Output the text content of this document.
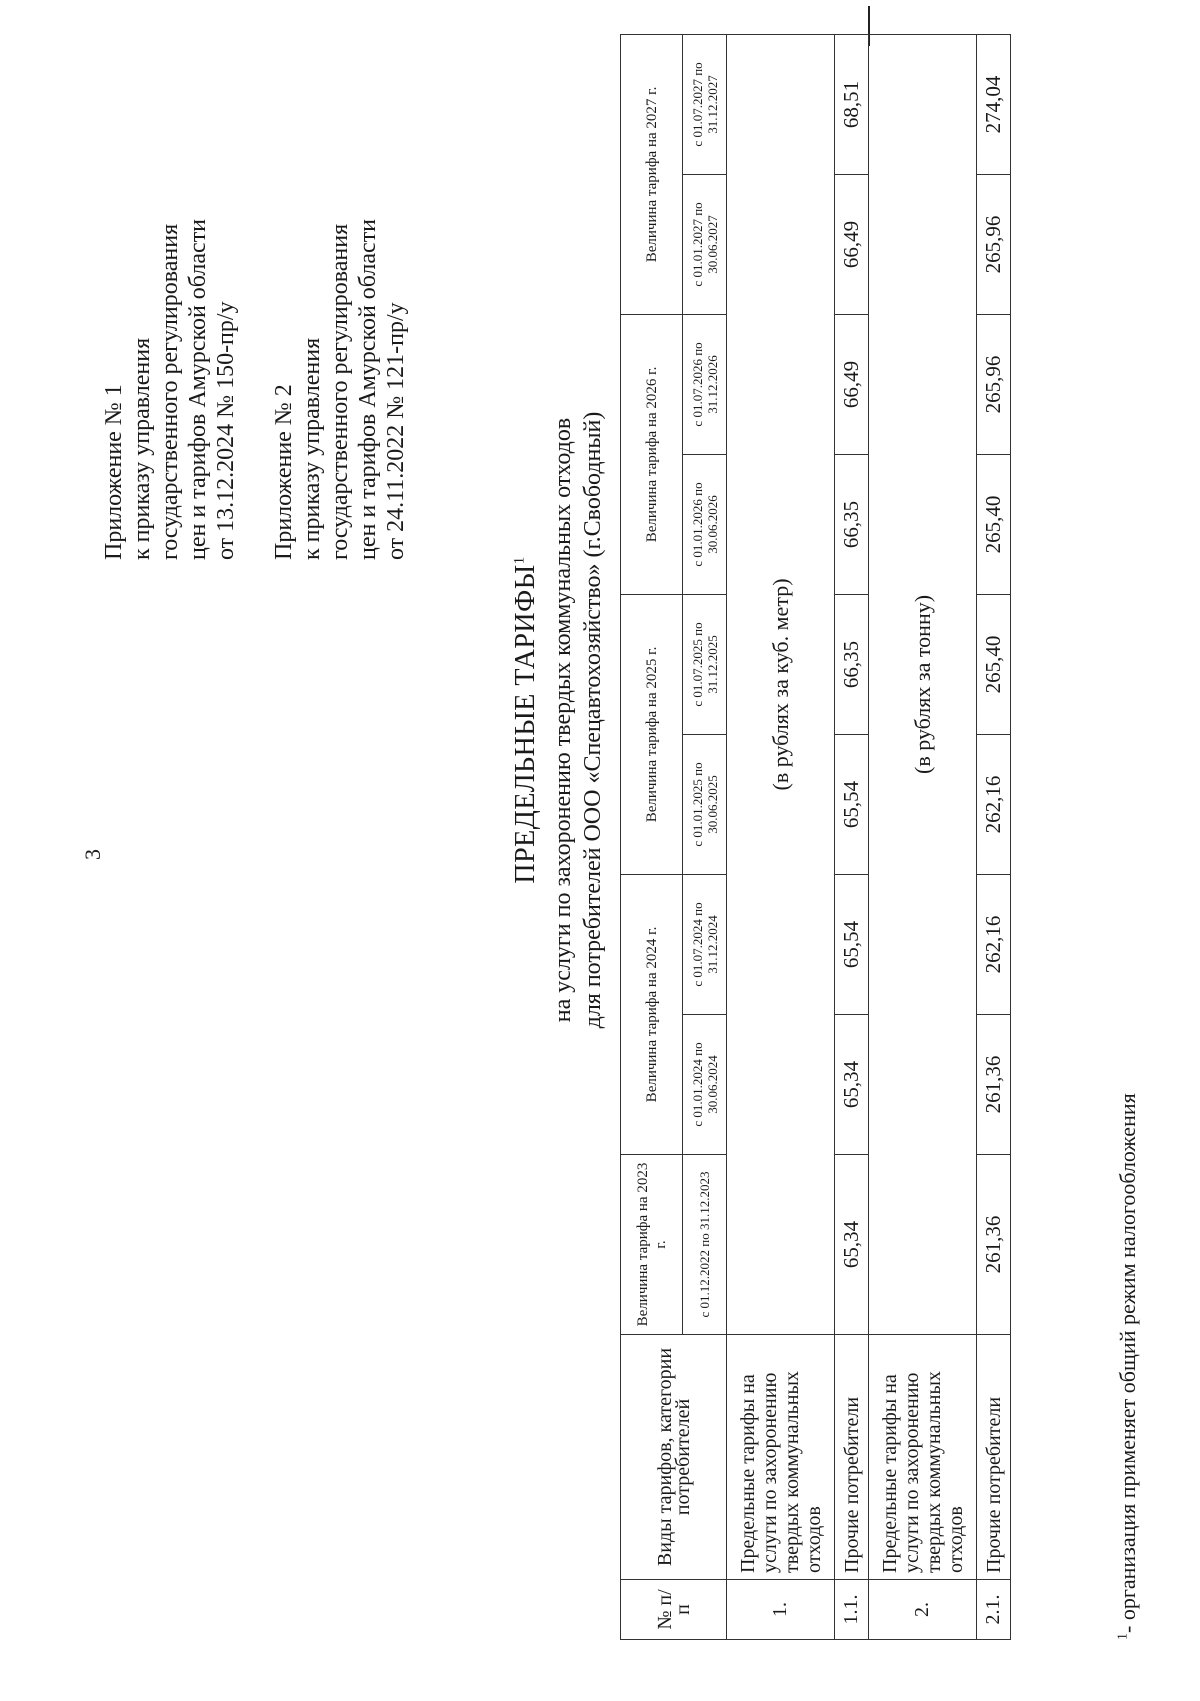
3
Приложение № 1 к приказу управления государственного регулирования цен и тарифов Амурской области от 13.12.2024 № 150-пр/у Приложение № 2 к приказу управления государственного регулирования цен и тарифов Амурской области от 24.11.2022 № 121-пр/у
ПРЕДЕЛЬНЫЕ ТАРИФЫ$^1$ на услуги по захоронению твердых коммунальных отходов для потребителей ООО «Спецавтохозяйство» (г.Свободный)
№ п/п	Виды тарифов, категории потребителей	Величина тарифа на 2023 г.	Величина тарифа на 2024 г.		Величина тарифа на 2025 г.		Величина тарифа на 2026 г.		Величина тарифа на 2027 г.	
		с 01.12.2022 по 31.12.2023	с 01.01.2024 по 30.06.2024	с 01.07.2024 по 31.12.2024	с 01.01.2025 по 30.06.2025	с 01.07.2025 по 31.12.2025	с 01.01.2026 по 30.06.2026	с 01.07.2026 по 31.12.2026	с 01.01.2027 по 30.06.2027	с 01.07.2027 по 31.12.2027
1.	Предельные тарифы на услуги по захоронению твердых коммунальных отходов	(в рублях за куб. метр)								
1.1.	Прочие потребители	65,34	65,34	65,54	65,54	66,35	66,35	66,49	66,49	68,51
2.	Предельные тарифы на услуги по захоронению твердых коммунальных отходов	(в рублях за тонну)								
2.1.	Прочие потребители	261,36	261,36	262,16	262,16	265,40	265,40	265,96	265,96	274,04
$^1$- организация применяет общий режим налогообложения
